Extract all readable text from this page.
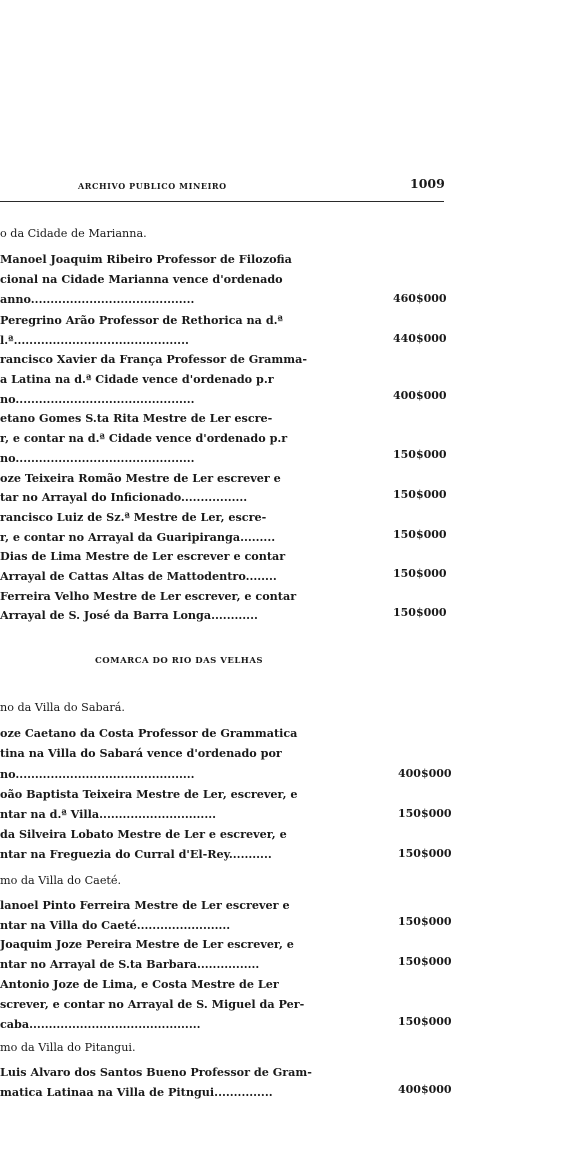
ARCHIVO PUBLICO MINEIRO	1009
o da Cidade de Marianna.
Manoel Joaquim Ribeiro Professor de Filozofia
cional na Cidade Marianna vence d'ordenado
anno..........................................	460$000
Peregrino Arão Professor de Rethorica na d.ª
l.ª.............................................	440$000
rancisco Xavier da França Professor de Gramma-
a Latina na d.ª Cidade vence d'ordenado p.r
no..............................................	400$000
etano Gomes S.ta Rita Mestre de Ler escre-
r, e contar na d.ª Cidade vence d'ordenado p.r
no..............................................	150$000
oze Teixeira Romão Mestre de Ler escrever e
tar no Arrayal do Inficionado.................	150$000
rancisco Luiz de Sz.ª Mestre de Ler, escre-
r, e contar no Arrayal da Guaripiranga.........	150$000
Dias de Lima Mestre de Ler escrever e contar
Arrayal de Cattas Altas de Mattodentro........	150$000
Ferreira Velho Mestre de Ler escrever, e contar
Arrayal de S. José da Barra Longa............	150$000
COMARCA DO RIO DAS VELHAS
no da Villa do Sabará.
oze Caetano da Costa Professor de Grammatica
tina na Villa do Sabará vence d'ordenado por
no..............................................	400$000
oão Baptista Teixeira Mestre de Ler, escrever, e
ntar na d.ª Villa..............................	150$000
da Silveira Lobato Mestre de Ler e escrever, e
ntar na Freguezia do Curral d'El-Rey...........	150$000
mo da Villa do Caeté.
lanoel Pinto Ferreira Mestre de Ler escrever e
ntar na Villa do Caeté........................	150$000
Joaquim Joze Pereira Mestre de Ler escrever, e
ntar no Arrayal de S.ta Barbara................	150$000
Antonio Joze de Lima, e Costa Mestre de Ler
screver, e contar no Arrayal de S. Miguel da Per-
caba............................................	150$000
mo da Villa do Pitangui.
Luis Alvaro dos Santos Bueno Professor de Gram-
matica Latinaa na Villa de Pitngui...............	400$000
